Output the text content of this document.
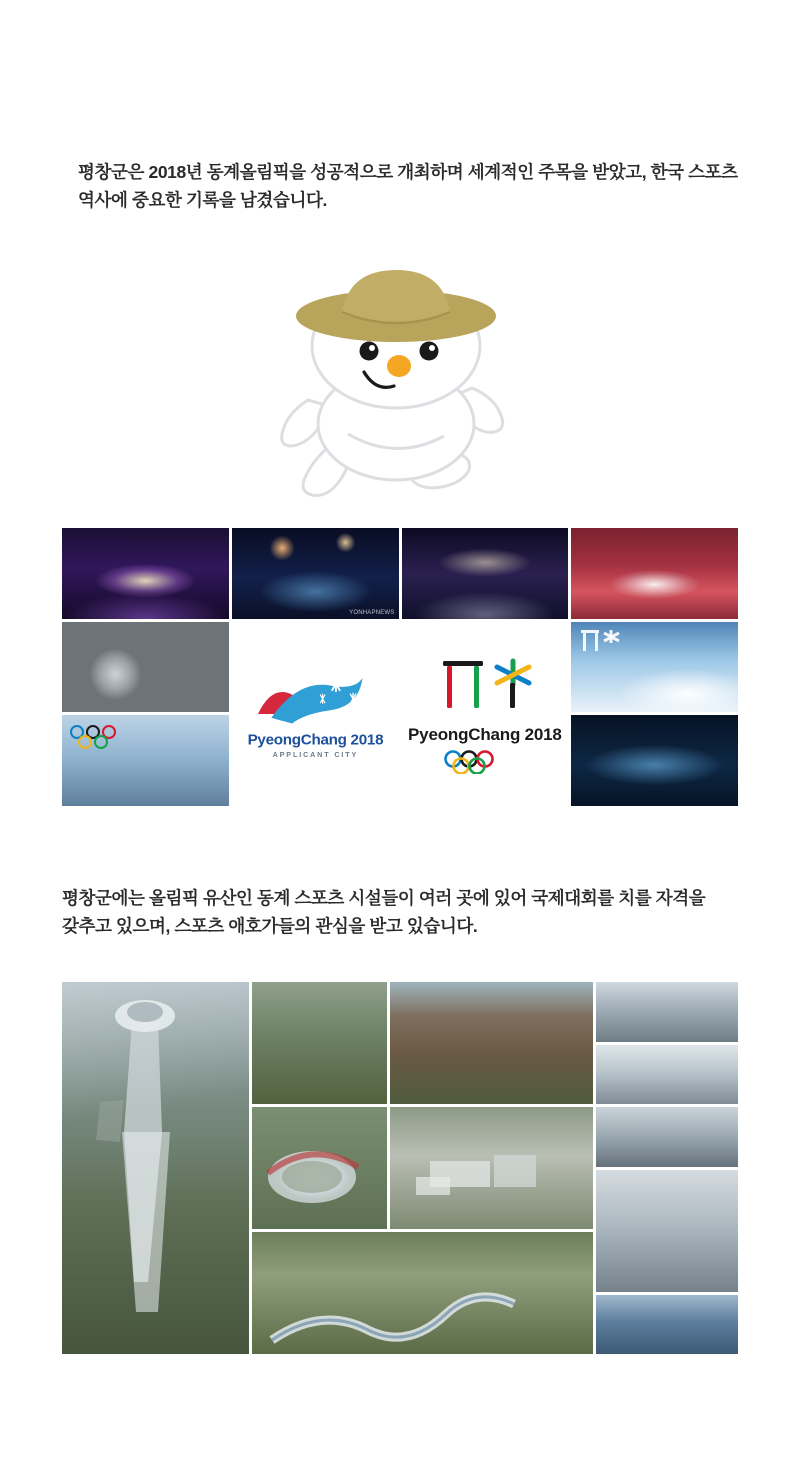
평창군은 2018년 동계올림픽을 성공적으로 개최하며 세계적인 주목을 받았고, 한국 스포츠 역사에 중요한 기록을 남겼습니다.

YONHAPNEWS
PyeongChang 2018
APPLICANT CITY
PyeongChang 2018

평창군에는 올림픽 유산인 동계 스포츠 시설들이 여러 곳에 있어 국제대회를 치를 자격을 갖추고 있으며, 스포츠 애호가들의 관심을 받고 있습니다.
